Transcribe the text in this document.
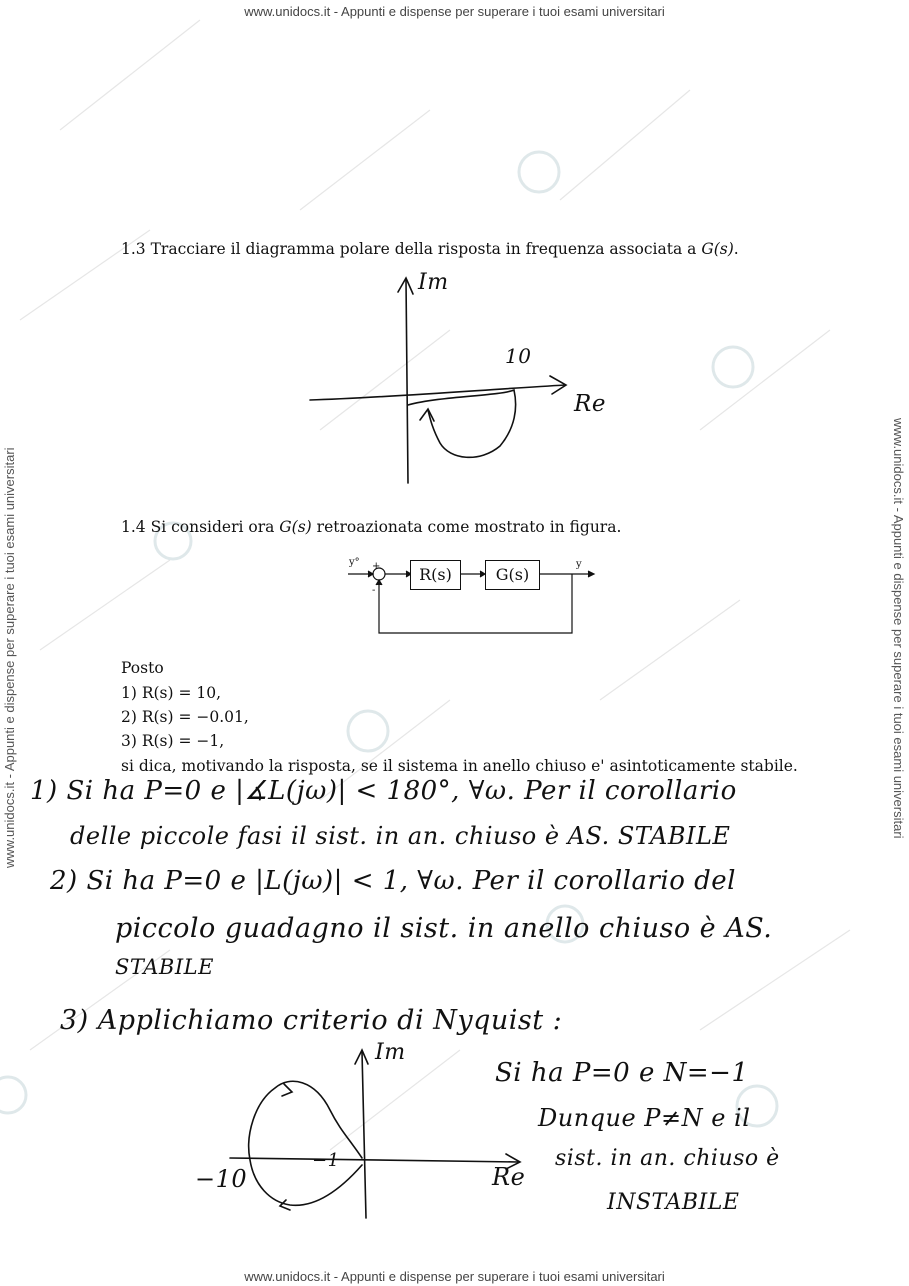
www.unidocs.it - Appunti e dispense per superare i tuoi esami universitari
www.unidocs.it - Appunti e dispense per superare i tuoi esami universitari
www.unidocs.it - Appunti e dispense per superare i tuoi esami universitari	www.unidocs.it - Appunti e dispense per superare i tuoi esami universitari
1.3 Tracciare il diagramma polare della risposta in frequenza associata a G(s).
Im
10
Re
1.4 Si consideri ora G(s) retroazionata come mostrato in figura.
R(s)	G(s)
y° +
-
y
Posto
1) R(s) = 10,
2) R(s) = −0.01,
3) R(s) = −1,
si dica, motivando la risposta, se il sistema in anello chiuso e' asintoticamente stabile.
1) Si ha P=0 e |∡L(jω)| < 180°, ∀ω. Per il corollario
delle piccole fasi il sist. in an. chiuso è AS. STABILE
2) Si ha P=0 e |L(jω)| < 1, ∀ω. Per il corollario del
piccolo guadagno il sist. in anello chiuso è AS.
STABILE
3) Applichiamo criterio di Nyquist :
Im
Re
−10
−1
Si ha P=0 e N=−1
Dunque P≠N e il
sist. in an. chiuso è
INSTABILE
